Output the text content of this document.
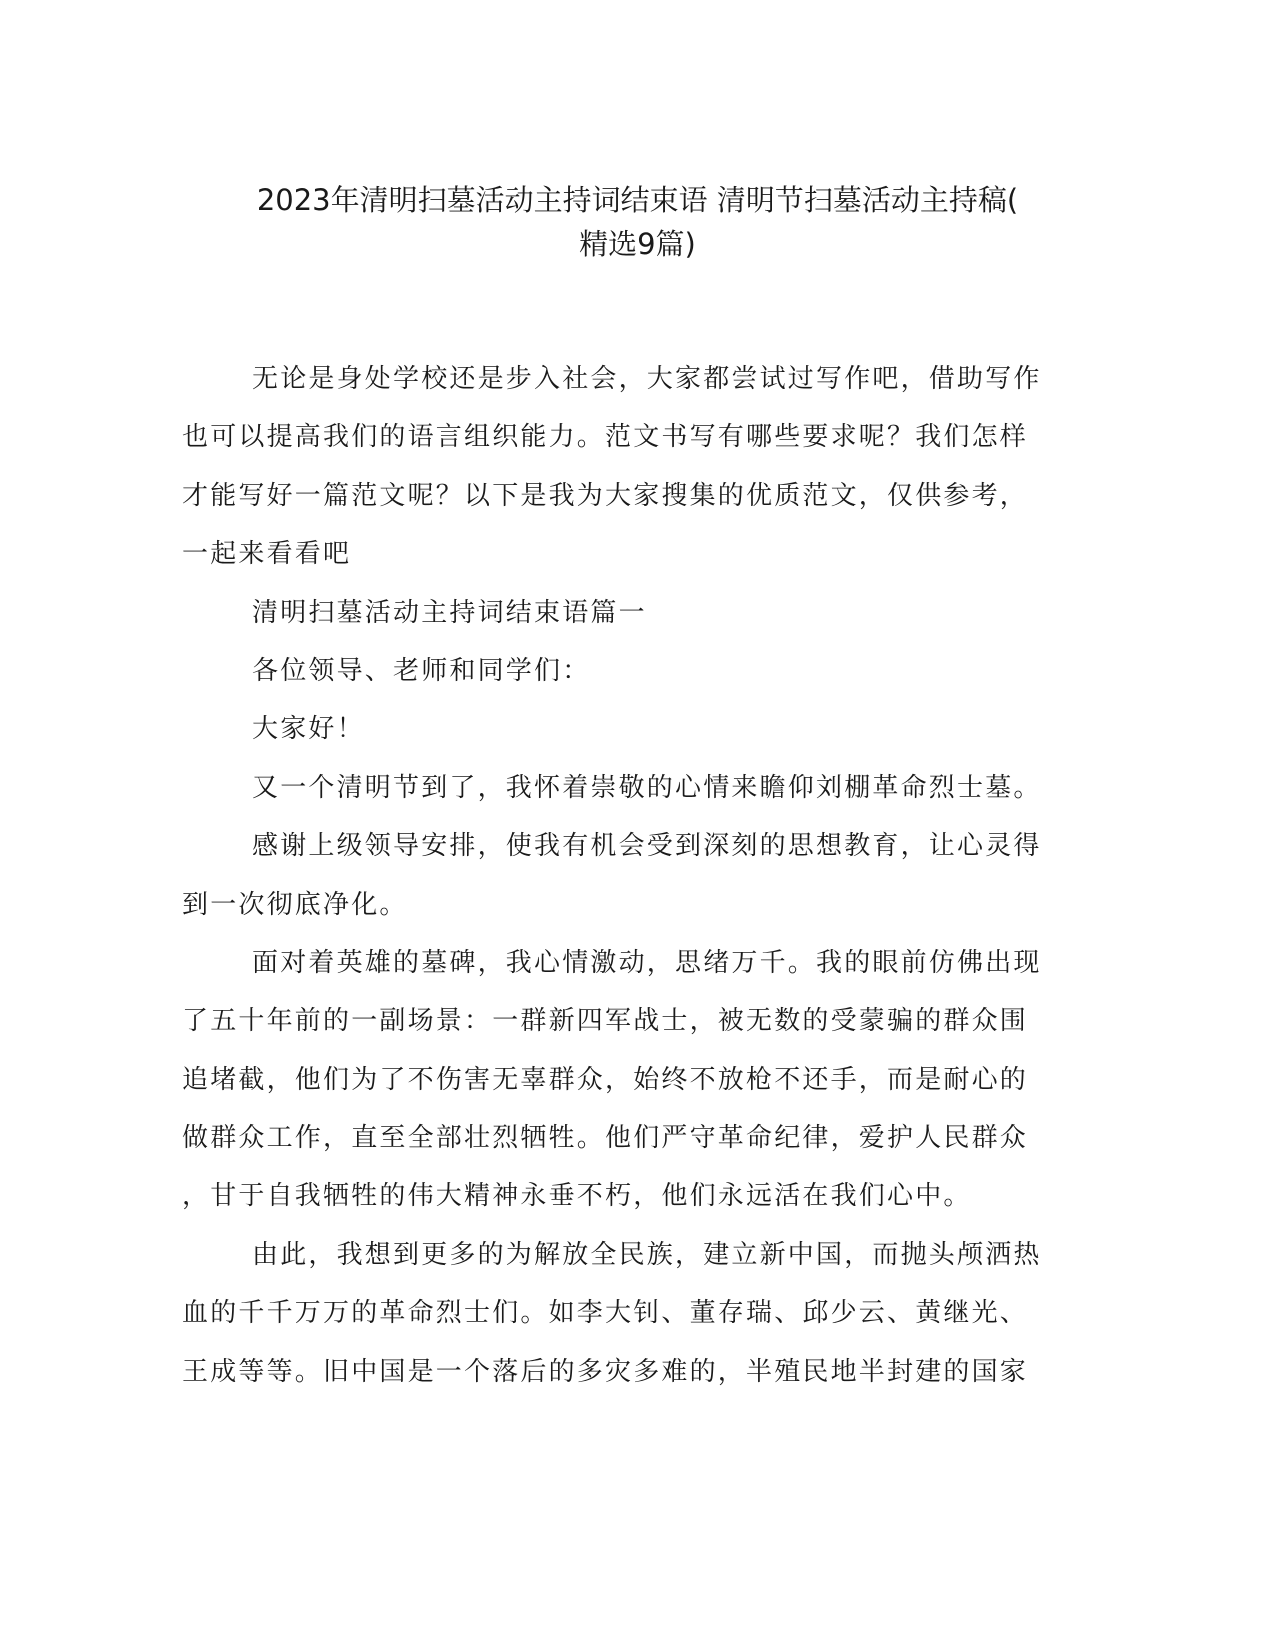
2023年清明扫墓活动主持词结束语 清明节扫墓活动主持稿(
精选9篇)
无论是身处学校还是步入社会，大家都尝试过写作吧，借助写作
也可以提高我们的语言组织能力。范文书写有哪些要求呢？我们怎样
才能写好一篇范文呢？以下是我为大家搜集的优质范文，仅供参考，
一起来看看吧
清明扫墓活动主持词结束语篇一
各位领导、老师和同学们：
大家好！
又一个清明节到了，我怀着崇敬的心情来瞻仰刘棚革命烈士墓。
感谢上级领导安排，使我有机会受到深刻的思想教育，让心灵得
到一次彻底净化。
面对着英雄的墓碑，我心情激动，思绪万千。我的眼前仿佛出现
了五十年前的一副场景：一群新四军战士，被无数的受蒙骗的群众围
追堵截，他们为了不伤害无辜群众，始终不放枪不还手，而是耐心的
做群众工作，直至全部壮烈牺牲。他们严守革命纪律，爱护人民群众
，甘于自我牺牲的伟大精神永垂不朽，他们永远活在我们心中。
由此，我想到更多的为解放全民族，建立新中国，而抛头颅洒热
血的千千万万的革命烈士们。如李大钊、董存瑞、邱少云、黄继光、
王成等等。旧中国是一个落后的多灾多难的，半殖民地半封建的国家
